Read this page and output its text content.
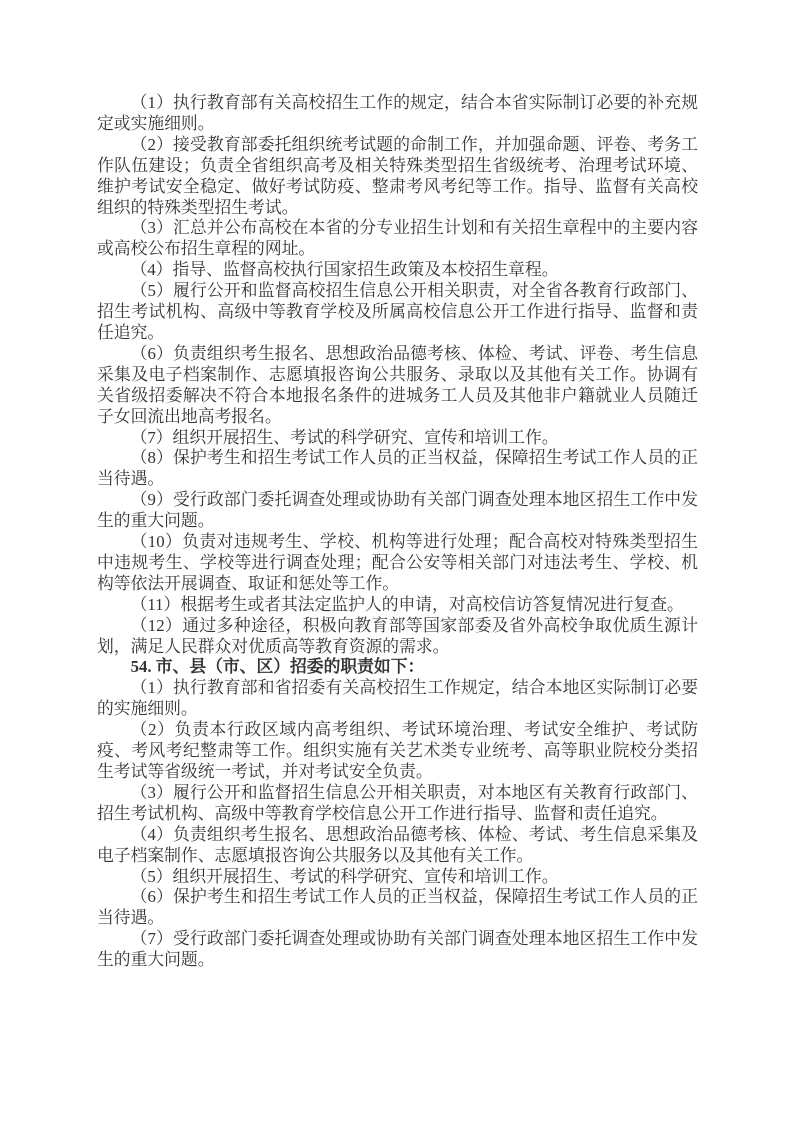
（1）执行教育部有关高校招生工作的规定，结合本省实际制订必要的补充规定或实施细则。

（2）接受教育部委托组织统考试题的命制工作，并加强命题、评卷、考务工作队伍建设；负责全省组织高考及相关特殊类型招生省级统考、治理考试环境、维护考试安全稳定、做好考试防疫、整肃考风考纪等工作。指导、监督有关高校组织的特殊类型招生考试。

（3）汇总并公布高校在本省的分专业招生计划和有关招生章程中的主要内容或高校公布招生章程的网址。

（4）指导、监督高校执行国家招生政策及本校招生章程。

（5）履行公开和监督高校招生信息公开相关职责，对全省各教育行政部门、招生考试机构、高级中等教育学校及所属高校信息公开工作进行指导、监督和责任追究。

（6）负责组织考生报名、思想政治品德考核、体检、考试、评卷、考生信息采集及电子档案制作、志愿填报咨询公共服务、录取以及其他有关工作。协调有关省级招委解决不符合本地报名条件的进城务工人员及其他非户籍就业人员随迁子女回流出地高考报名。

（7）组织开展招生、考试的科学研究、宣传和培训工作。

（8）保护考生和招生考试工作人员的正当权益，保障招生考试工作人员的正当待遇。

（9）受行政部门委托调查处理或协助有关部门调查处理本地区招生工作中发生的重大问题。

（10）负责对违规考生、学校、机构等进行处理；配合高校对特殊类型招生中违规考生、学校等进行调查处理；配合公安等相关部门对违法考生、学校、机构等依法开展调查、取证和惩处等工作。

（11）根据考生或者其法定监护人的申请，对高校信访答复情况进行复查。

（12）通过多种途径，积极向教育部等国家部委及省外高校争取优质生源计划，满足人民群众对优质高等教育资源的需求。

54. 市、县（市、区）招委的职责如下：

（1）执行教育部和省招委有关高校招生工作规定，结合本地区实际制订必要的实施细则。

（2）负责本行政区域内高考组织、考试环境治理、考试安全维护、考试防疫、考风考纪整肃等工作。组织实施有关艺术类专业统考、高等职业院校分类招生考试等省级统一考试，并对考试安全负责。

（3）履行公开和监督招生信息公开相关职责，对本地区有关教育行政部门、招生考试机构、高级中等教育学校信息公开工作进行指导、监督和责任追究。

（4）负责组织考生报名、思想政治品德考核、体检、考试、考生信息采集及电子档案制作、志愿填报咨询公共服务以及其他有关工作。

（5）组织开展招生、考试的科学研究、宣传和培训工作。

（6）保护考生和招生考试工作人员的正当权益，保障招生考试工作人员的正当待遇。

（7）受行政部门委托调查处理或协助有关部门调查处理本地区招生工作中发生的重大问题。
